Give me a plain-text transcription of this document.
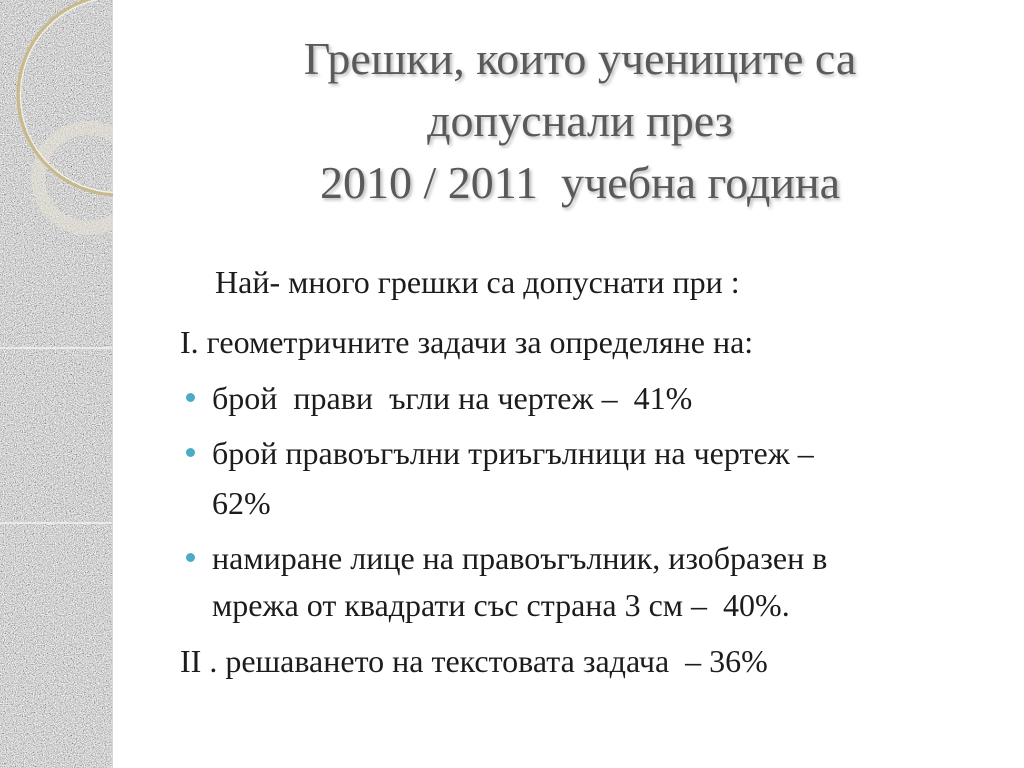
Грешки, които учениците са
допуснали през
2010 / 2011  учебна година
Най- много грешки са допуснати при :
I. геометричните задачи за определяне на:
брой  прави  ъгли на чертеж –  41%
брой правоъгълни триъгълници на чертеж –
62%
намиране лице на правоъгълник, изобразен в
мрежа от квадрати със страна 3 см –  40%.
II . решаването на текстовата задача  – 36%
